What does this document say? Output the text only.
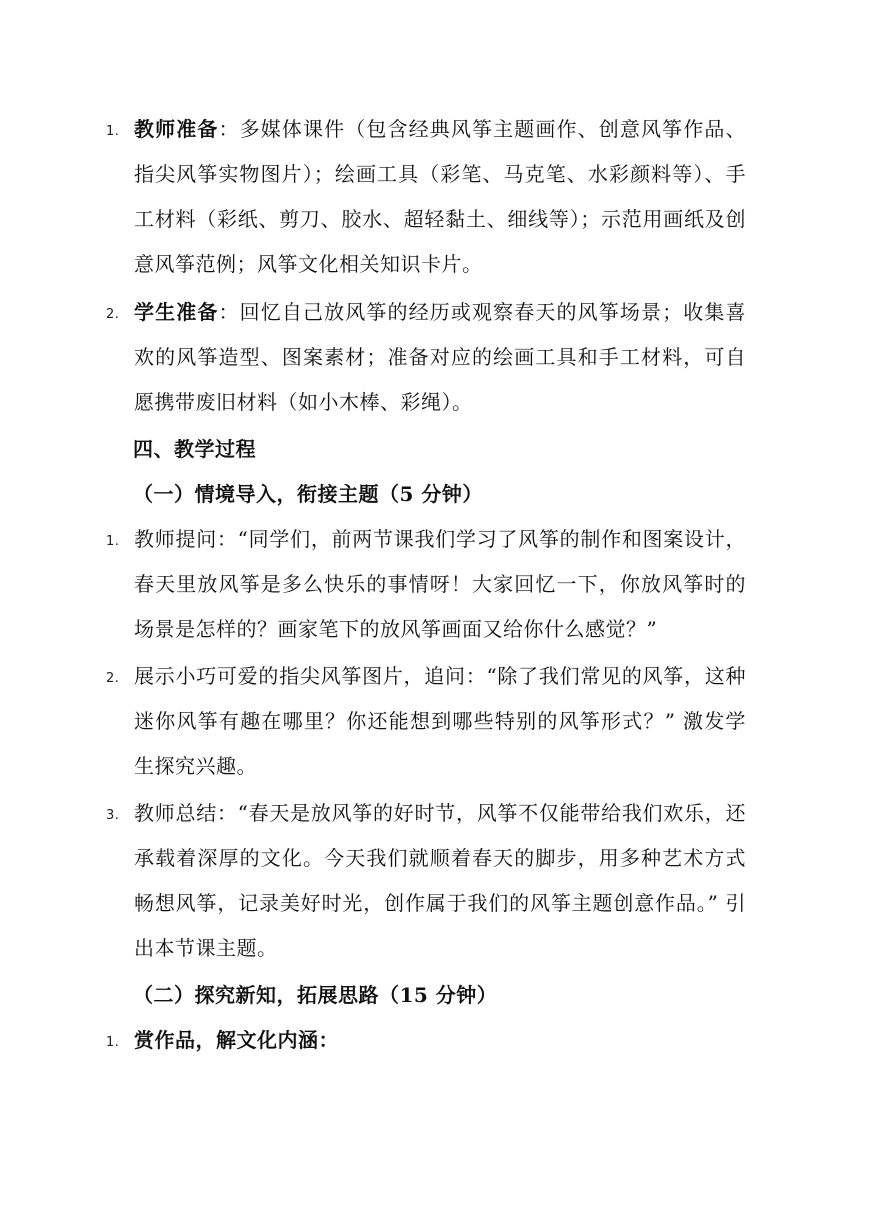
1. 教师准备：多媒体课件（包含经典风筝主题画作、创意风筝作品、指尖风筝实物图片）；绘画工具（彩笔、马克笔、水彩颜料等）、手工材料（彩纸、剪刀、胶水、超轻黏土、细线等）；示范用画纸及创意风筝范例；风筝文化相关知识卡片。
2. 学生准备：回忆自己放风筝的经历或观察春天的风筝场景；收集喜欢的风筝造型、图案素材；准备对应的绘画工具和手工材料，可自愿携带废旧材料（如小木棒、彩绳）。
四、教学过程
（一）情境导入，衔接主题（5 分钟）
1. 教师提问：“同学们，前两节课我们学习了风筝的制作和图案设计，春天里放风筝是多么快乐的事情呀！大家回忆一下，你放风筝时的场景是怎样的？画家笔下的放风筝画面又给你什么感觉？”
2. 展示小巧可爱的指尖风筝图片，追问：“除了我们常见的风筝，这种迷你风筝有趣在哪里？你还能想到哪些特别的风筝形式？” 激发学生探究兴趣。
3. 教师总结：“春天是放风筝的好时节，风筝不仅能带给我们欢乐，还承载着深厚的文化。今天我们就顺着春天的脚步，用多种艺术方式畅想风筝，记录美好时光，创作属于我们的风筝主题创意作品。” 引出本节课主题。
（二）探究新知，拓展思路（15 分钟）
1. 赏作品，解文化内涵：
